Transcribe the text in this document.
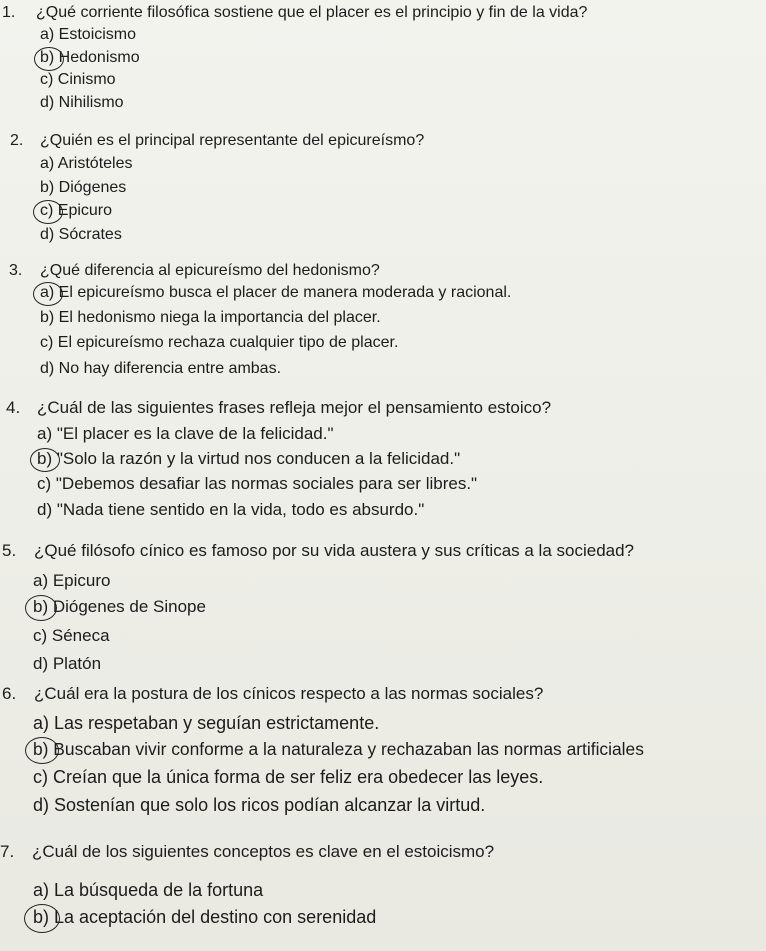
1. ¿Qué corriente filosófica sostiene que el placer es el principio y fin de la vida?
a) Estoicismo
b) Hedonismo
c) Cinismo
d) Nihilismo
2. ¿Quién es el principal representante del epicureísmo?
a) Aristóteles
b) Diógenes
c) Epicuro
d) Sócrates
3. ¿Qué diferencia al epicureísmo del hedonismo?
a) El epicureísmo busca el placer de manera moderada y racional.
b) El hedonismo niega la importancia del placer.
c) El epicureísmo rechaza cualquier tipo de placer.
d) No hay diferencia entre ambas.
4. ¿Cuál de las siguientes frases refleja mejor el pensamiento estoico?
a) "El placer es la clave de la felicidad."
b) "Solo la razón y la virtud nos conducen a la felicidad."
c) "Debemos desafiar las normas sociales para ser libres."
d) "Nada tiene sentido en la vida, todo es absurdo."
5. ¿Qué filósofo cínico es famoso por su vida austera y sus críticas a la sociedad?
a) Epicuro
b) Diógenes de Sinope
c) Séneca
d) Platón
6. ¿Cuál era la postura de los cínicos respecto a las normas sociales?
a) Las respetaban y seguían estrictamente.
b) Buscaban vivir conforme a la naturaleza y rechazaban las normas artificiales
c) Creían que la única forma de ser feliz era obedecer las leyes.
d) Sostenían que solo los ricos podían alcanzar la virtud.
7. ¿Cuál de los siguientes conceptos es clave en el estoicismo?
a) La búsqueda de la fortuna
b) La aceptación del destino con serenidad
